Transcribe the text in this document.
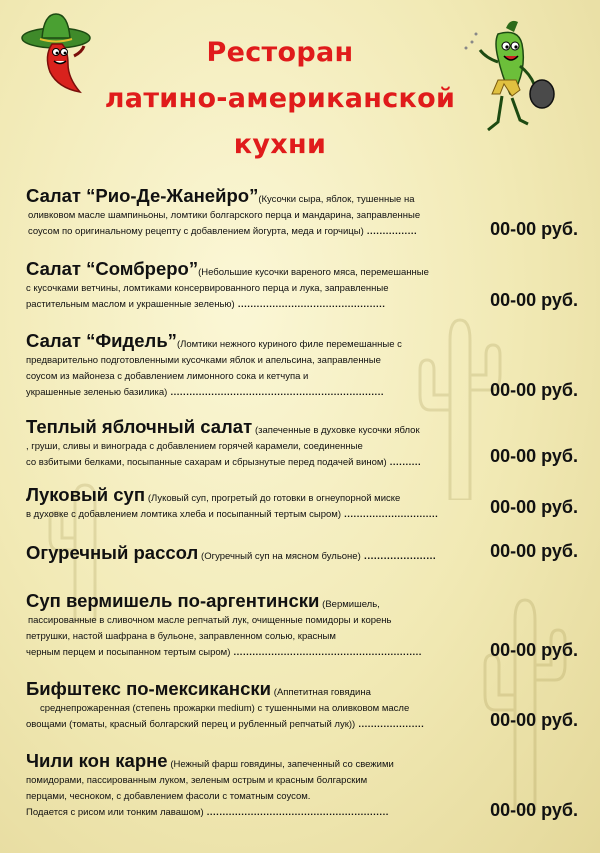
Ресторан
латино-американской
кухни
Салат “Рио-Де-Жанейро”(Кусочки сыра, яблок, тушенные на
оливковом масле шампиньоны, ломтики болгарского перца и мандарина, заправленные
соусом по оригинальному рецепту с добавлением йогурта, меда и горчицы) ................	00-00 руб.
Салат “Сомбреро”(Небольшие кусочки вареного мяса, перемешанные
с кусочками ветчины, ломтиками консервированного перца и лука, заправленные
растительным маслом и украшенные зеленью) ...............................................	00-00 руб.
Салат “Фидель”(Ломтики нежного куриного филе перемешанные с
предварительно подготовленными кусочками яблок и апельсина, заправленные
соусом из майонеза с добавлением лимонного сока и кетчупа и
украшенные зеленью базилика) ....................................................................	00-00 руб.
Теплый яблочный салат (запеченные в духовке кусочки яблок
, груши, сливы и винограда с добавлением горячей карамели, соединенные
со взбитыми белками, посыпанные сахарам и сбрызнутые перед подачей вином) ..........	00-00 руб.
Луковый суп (Луковый суп, прогретый до готовки в огнеупорной миске
в духовке с добавлением ломтика хлеба и посыпанный тертым сыром) ..............................	00-00 руб.
Огуречный рассол (Огуречный суп на мясном бульоне) ......................	00-00 руб.
Суп вермишель по-аргентински (Вермишель,
пассированные в сливочном масле репчатый лук, очищенные помидоры и корень
петрушки, настой шафрана в бульоне, заправленном солью, красным
черным перцем и посыпанном тертым сыром) ............................................................	00-00 руб.
Бифштекс по-мексикански (Аппетитная говядина
среднепрожаренная (степень прожарки medium) с тушенными на оливковом масле
овощами (томаты, красный болгарский перец и рубленный репчатый лук)) .....................	00-00 руб.
Чили кон карне (Нежный фарш говядины, запеченный со свежими
помидорами, пассированным луком, зеленым острым и красным болгарским
перцами, чесноком, с добавлением фасоли с томатным соусом.
Подается с рисом или тонким лавашом) ..........................................................	00-00 руб.
